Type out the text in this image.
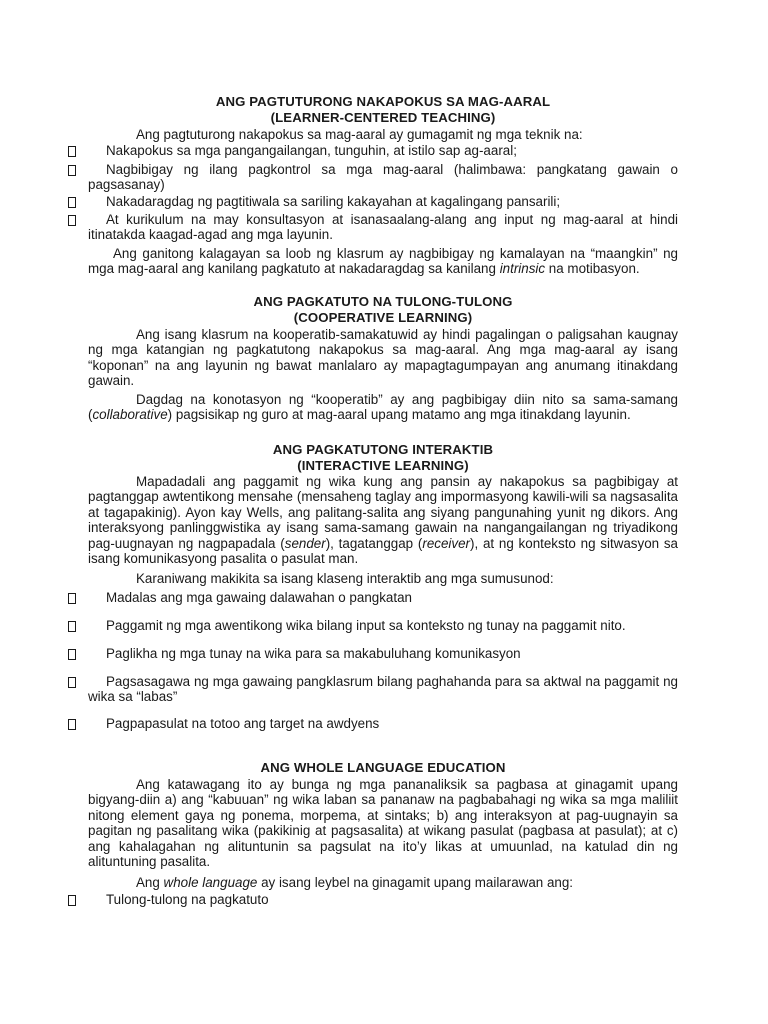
ANG PAGTUTURONG NAKAPOKUS SA MAG-AARAL
(LEARNER-CENTERED TEACHING)

Ang pagtuturong nakapokus sa mag-aaral ay gumagamit ng mga teknik na:

Nakapokus sa mga pangangailangan, tunguhin, at istilo sap ag-aaral;
Nagbibigay ng ilang pagkontrol sa mga mag-aaral (halimbawa: pangkatang gawain o pagsasanay)
Nakadaragdag ng pagtitiwala sa sariling kakayahan at kagalingang pansarili;
At kurikulum na may konsultasyon at isanasaalang-alang ang input ng mag-aaral at hindi itinatakda kaagad-agad ang mga layunin.

Ang ganitong kalagayan sa loob ng klasrum ay nagbibigay ng kamalayan na “maangkin” ng mga mag-aaral ang kanilang pagkatuto at nakadaragdag sa kanilang intrinsic na motibasyon.

ANG PAGKATUTO NA TULONG-TULONG
(COOPERATIVE LEARNING)

Ang isang klasrum na kooperatib-samakatuwid ay hindi pagalingan o paligsahan kaugnay ng mga katangian ng pagkatutong nakapokus sa mag-aaral. Ang mga mag-aaral ay isang “koponan” na ang layunin ng bawat manlalaro ay mapagtagumpayan ang anumang itinakdang gawain.

Dagdag na konotasyon ng “kooperatib” ay ang pagbibigay diin nito sa sama-samang (collaborative) pagsisikap ng guro at mag-aaral upang matamo ang mga itinakdang layunin.

ANG PAGKATUTONG INTERAKTIB
(INTERACTIVE LEARNING)

Mapadadali ang paggamit ng wika kung ang pansin ay nakapokus sa pagbibigay at pagtanggap awtentikong mensahe (mensaheng taglay ang impormasyong kawili-wili sa nagsasalita at tagapakinig). Ayon kay Wells, ang palitang-salita ang siyang pangunahing yunit ng dikors. Ang interaksyong panlinggwistika ay isang sama-samang gawain na nangangailangan ng triyadikong pag-uugnayan ng nagpapadala (sender), tagatanggap (receiver), at ng konteksto ng sitwasyon sa isang komunikasyong pasalita o pasulat man.

Karaniwang makikita sa isang klaseng interaktib ang mga sumusunod:

Madalas ang mga gawaing dalawahan o pangkatan
Paggamit ng mga awentikong wika bilang input sa konteksto ng tunay na paggamit nito.
Paglikha ng mga tunay na wika para sa makabuluhang komunikasyon
Pagsasagawa ng mga gawaing pangklasrum bilang paghahanda para sa aktwal na paggamit ng wika sa “labas”
Pagpapasulat na totoo ang target na awdyens
ANG WHOLE LANGUAGE EDUCATION

Ang katawagang ito ay bunga ng mga pananaliksik sa pagbasa at ginagamit upang bigyang-diin a) ang “kabuuan” ng wika laban sa pananaw na pagbabahagi ng wika sa mga maliliit nitong element gaya ng ponema, morpema, at sintaks; b) ang interaksyon at pag-uugnayin sa pagitan ng pasalitang wika (pakikinig at pagsasalita) at wikang pasulat (pagbasa at pasulat); at c) ang kahalagahan ng alituntunin sa pagsulat na ito’y likas at umuunlad, na katulad din ng alituntuning pasalita.

Ang whole language ay isang leybel na ginagamit upang mailarawan ang:

Tulong-tulong na pagkatuto
